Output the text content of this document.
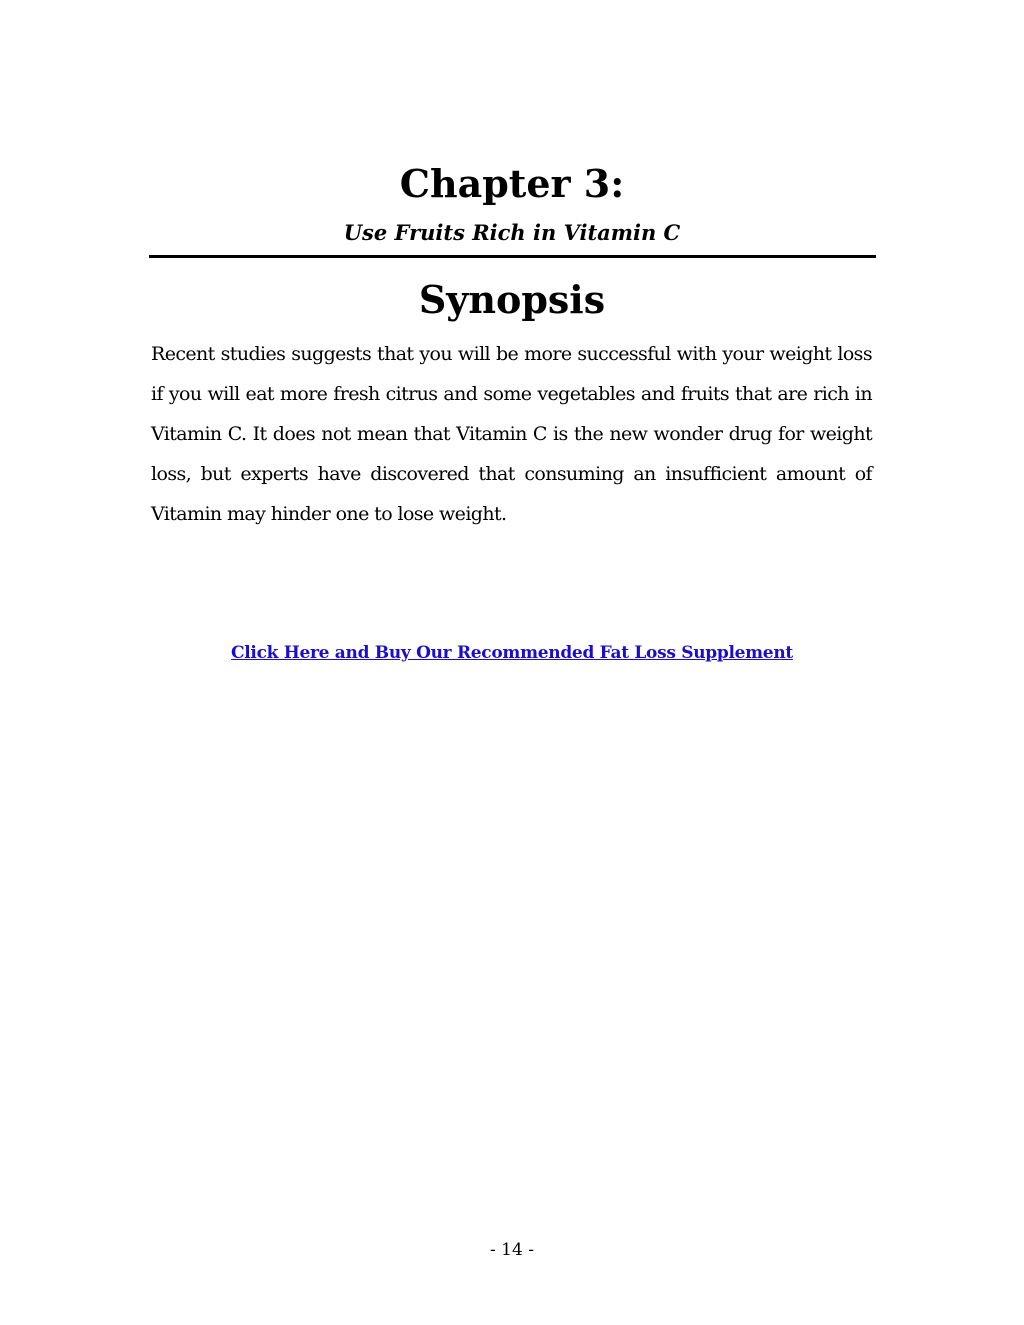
Chapter 3:

Use Fruits Rich in Vitamin C

Synopsis

Recent studies suggests that you will be more successful with your weight loss if you will eat more fresh citrus and some vegetables and fruits that are rich in Vitamin C. It does not mean that Vitamin C is the new wonder drug for weight loss, but experts have discovered that consuming an insufficient amount of Vitamin may hinder one to lose weight.

Click Here and Buy Our Recommended Fat Loss Supplement

- 14 -
